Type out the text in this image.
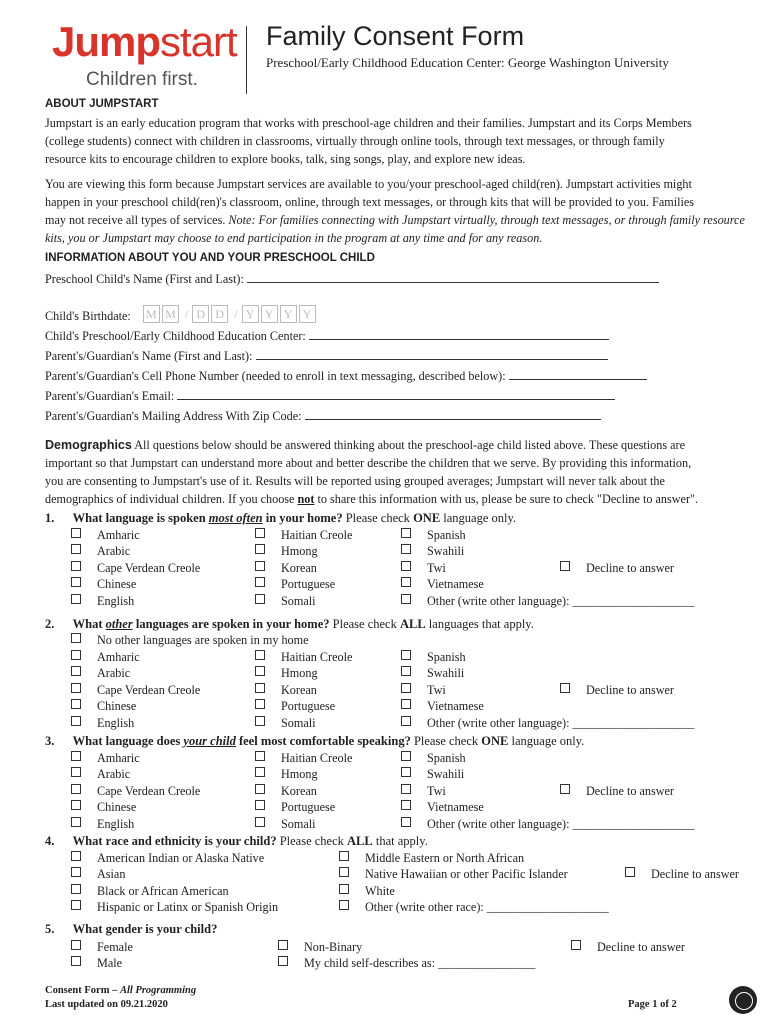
Jumpstart
Children first.
Family Consent Form
Preschool/Early Childhood Education Center: George Washington University
ABOUT JUMPSTART
Jumpstart is an early education program that works with preschool-age children and their families. Jumpstart and its Corps Members
(college students) connect with children in classrooms, virtually through online tools, through text messages, or through family
resource kits to encourage children to explore books, talk, sing songs, play, and explore new ideas.
You are viewing this form because Jumpstart services are available to you/your preschool-aged child(ren). Jumpstart activities might
happen in your preschool child(ren)'s classroom, online, through text messages, or through kits that will be provided to you. Families
may not receive all types of services. Note: For families connecting with Jumpstart virtually, through text messages, or through family resource
kits, you or Jumpstart may choose to end participation in the program at any time and for any reason.
INFORMATION ABOUT YOU AND YOUR PRESCHOOL CHILD
Preschool Child's Name (First and Last):
Child's Birthdate: M M / D D / Y Y Y Y
Child's Preschool/Early Childhood Education Center:
Parent's/Guardian's Name (First and Last):
Parent's/Guardian's Cell Phone Number (needed to enroll in text messaging, described below):
Parent's/Guardian's Email:
Parent's/Guardian's Mailing Address With Zip Code:
Demographics All questions below should be answered thinking about the preschool-age child listed above. These questions are
important so that Jumpstart can understand more about and better describe the children that we serve. By providing this information,
you are consenting to Jumpstart's use of it. Results will be reported using grouped averages; Jumpstart will never talk about the
demographics of individual children. If you choose not to share this information with us, please be sure to check "Decline to answer".
1. What language is spoken most often in your home? Please check ONE language only.
2. What other languages are spoken in your home? Please check ALL languages that apply.
No other languages are spoken in my home
3. What language does your child feel most comfortable speaking? Please check ONE language only.
4. What race and ethnicity is your child? Please check ALL that apply.
5. What gender is your child?
Amharic
Arabic
Cape Verdean Creole
Chinese
English
Haitian Creole
Hmong
Korean
Portuguese
Somali
Spanish
Swahili
Twi
Vietnamese
Other (write other language): ____________________
Decline to answer
Amharic
Arabic
Cape Verdean Creole
Chinese
English
Haitian Creole
Hmong
Korean
Portuguese
Somali
Spanish
Swahili
Twi
Vietnamese
Other (write other language): ____________________
Decline to answer
Amharic
Arabic
Cape Verdean Creole
Chinese
English
Haitian Creole
Hmong
Korean
Portuguese
Somali
Spanish
Swahili
Twi
Vietnamese
Other (write other language): ____________________
Decline to answer
American Indian or Alaska Native
Asian
Black or African American
Hispanic or Latinx or Spanish Origin
Middle Eastern or North African
Native Hawaiian or other Pacific Islander
White
Other (write other race): ____________________
Decline to answer
Female
Male
Non-Binary
My child self-describes as: ________________
Decline to answer
Consent Form – All Programming
Last updated on 09.21.2020	Page 1 of 2
